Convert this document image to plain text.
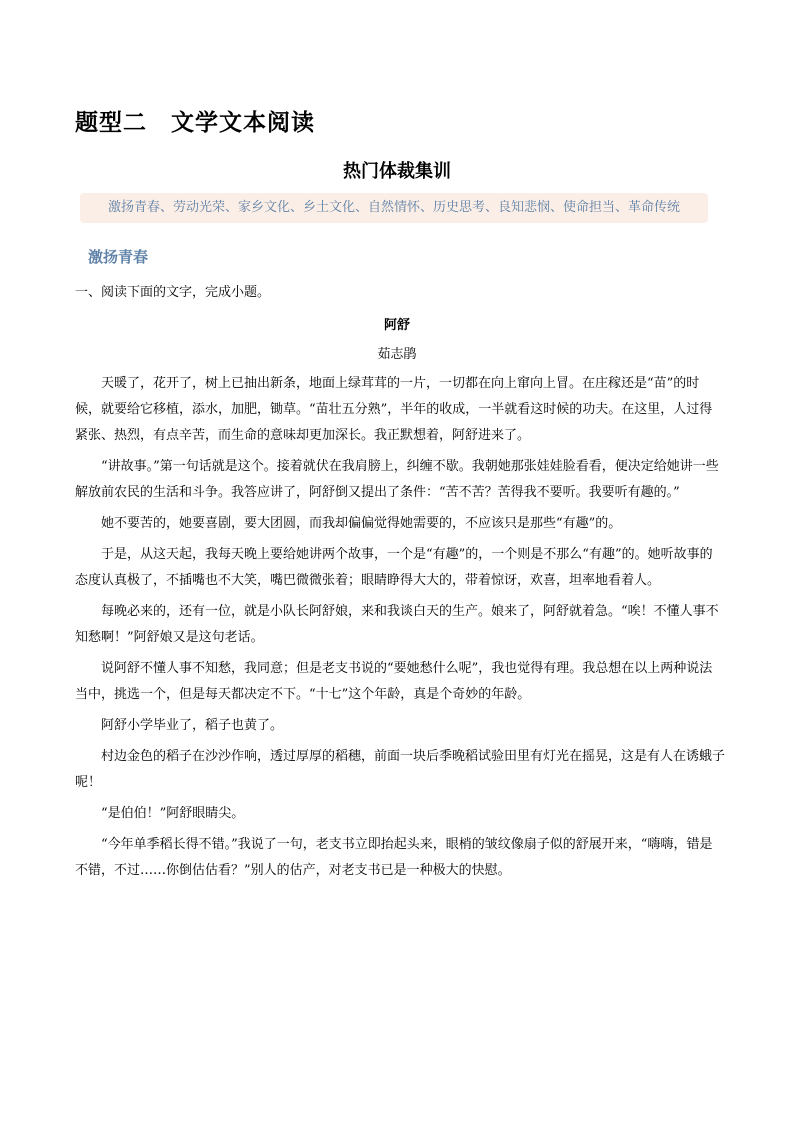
题型二　文学文本阅读
热门体裁集训
激扬青春、劳动光荣、家乡文化、乡土文化、自然情怀、历史思考、良知悲悯、使命担当、革命传统
激扬青春
一、阅读下面的文字，完成小题。
阿舒
茹志鹃

天暖了，花开了，树上已抽出新条，地面上绿茸茸的一片，一切都在向上窜向上冒。在庄稼还是“苗”的时候，就要给它移植，添水，加肥，锄草。“苗壮五分熟”，半年的收成，一半就看这时候的功夫。在这里，人过得紧张、热烈，有点辛苦，而生命的意味却更加深长。我正默想着，阿舒进来了。

“讲故事。”第一句话就是这个。接着就伏在我肩膀上，纠缠不歇。我朝她那张娃娃脸看看，便决定给她讲一些解放前农民的生活和斗争。我答应讲了，阿舒倒又提出了条件：“苦不苦？苦得我不要听。我要听有趣的。”

她不要苦的，她要喜剧，要大团圆，而我却偏偏觉得她需要的，不应该只是那些“有趣”的。

于是，从这天起，我每天晚上要给她讲两个故事，一个是“有趣”的，一个则是不那么“有趣”的。她听故事的态度认真极了，不插嘴也不大笑，嘴巴微微张着；眼睛睁得大大的，带着惊讶，欢喜，坦率地看着人。

每晚必来的，还有一位，就是小队长阿舒娘，来和我谈白天的生产。娘来了，阿舒就着急。“唉！不懂人事不知愁啊！”阿舒娘又是这句老话。

说阿舒不懂人事不知愁，我同意；但是老支书说的“要她愁什么呢”，我也觉得有理。我总想在以上两种说法当中，挑选一个，但是每天都决定不下。“十七”这个年龄，真是个奇妙的年龄。

阿舒小学毕业了，稻子也黄了。

村边金色的稻子在沙沙作响，透过厚厚的稻穗，前面一块后季晚稻试验田里有灯光在摇晃，这是有人在诱蛾子呢！

“是伯伯！”阿舒眼睛尖。

“今年单季稻长得不错。”我说了一句，老支书立即抬起头来，眼梢的皱纹像扇子似的舒展开来，“嗨嗨，错是不错，不过……你倒估估看？”别人的估产，对老支书已是一种极大的快慰。
